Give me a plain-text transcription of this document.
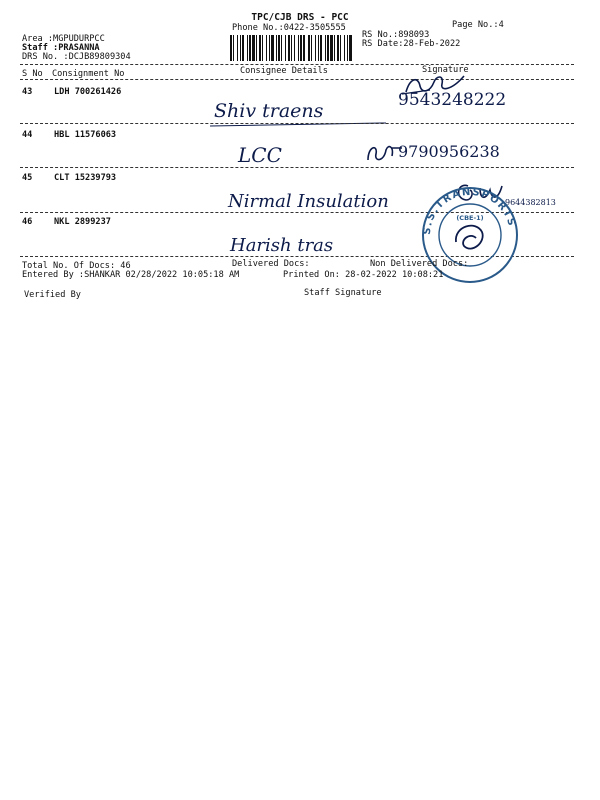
TPC/CJB DRS - PCC
Phone No.:0422-3505555	Page No.:4
Area :MGPUDURPCC
Staff :PRASANNA
DRS No. :DCJB89809304
RS No.:898093
RS Date:28-Feb-2022
S No Consignment No	Consignee Details	Signature
43	LDH 700261426
Shiv traens	9543248222
44	HBL 11576063
LCC	9790956238
45	CLT 15239793
Nirmal Insulation	9644382813
46	NKL 2899237
Harish tras
S.S.TRANSPORTS
(CBE-1)
Total No. Of Docs: 46	Delivered Docs:	Non Delivered Docs:
Entered By :SHANKAR 02/28/2022 10:05:18 AM	Printed On: 28-02-2022 10:08:21
Verified By	Staff Signature
